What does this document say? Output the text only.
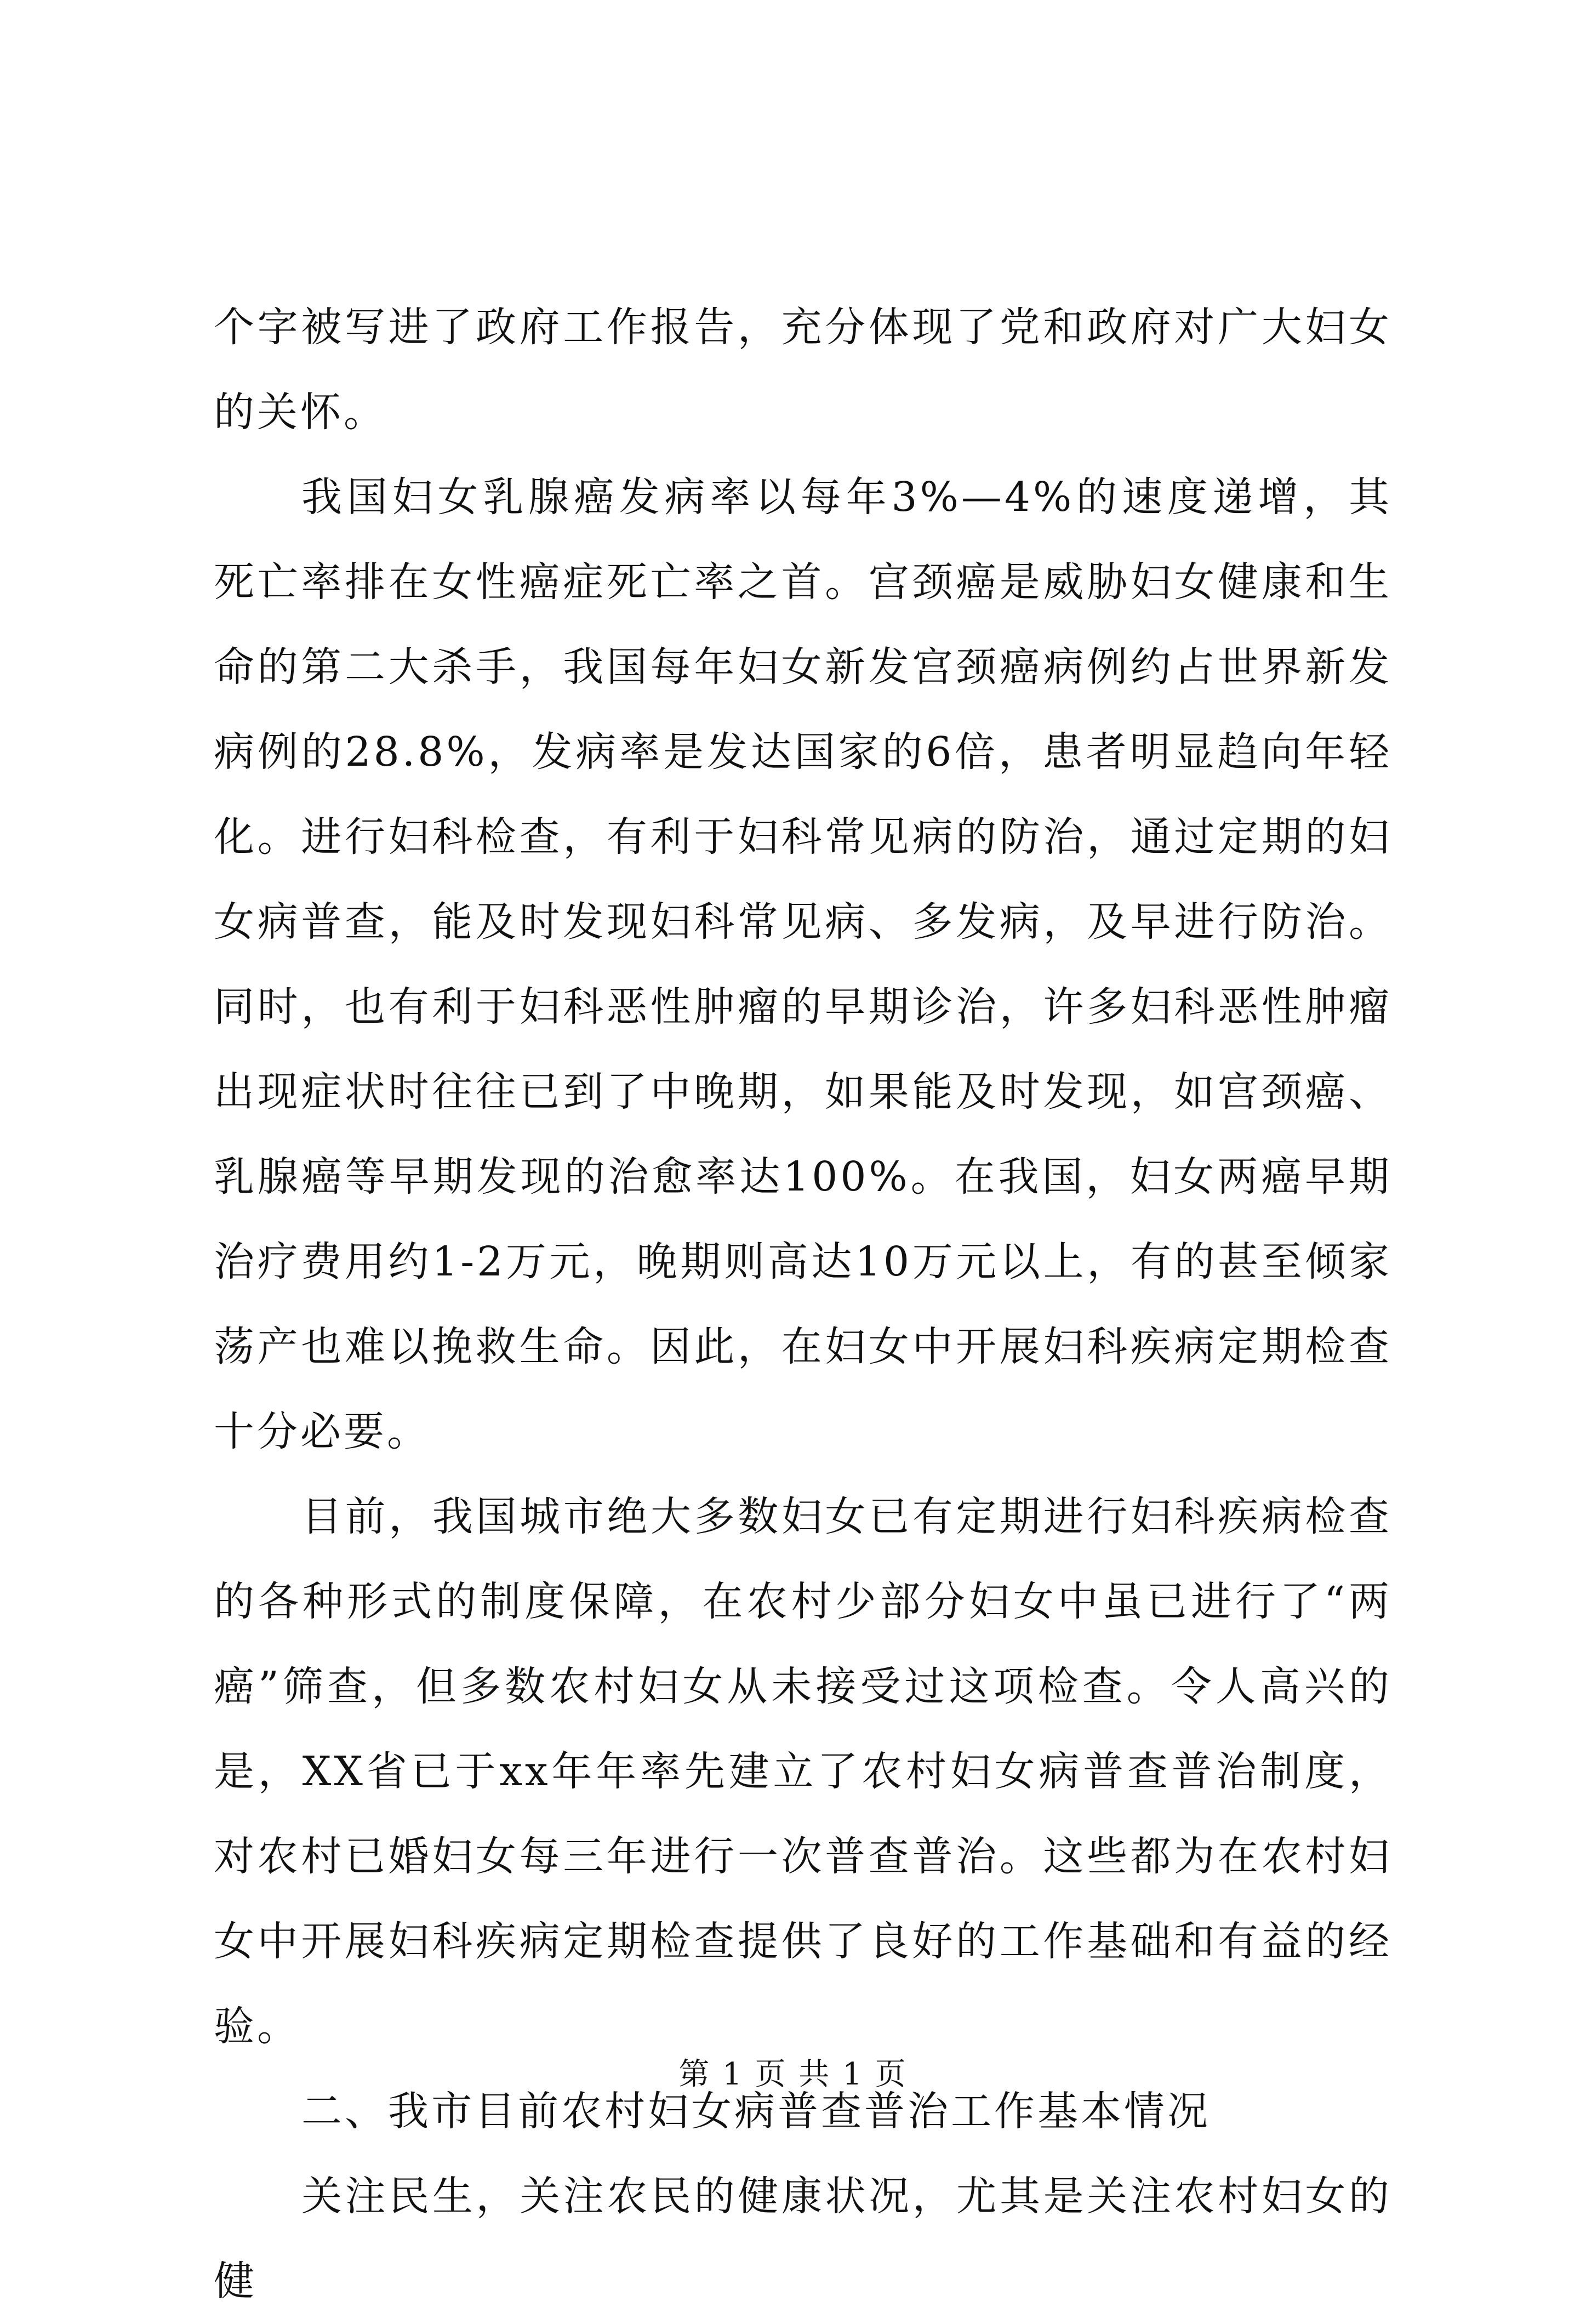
个字被写进了政府工作报告，充分体现了党和政府对广大妇女的关怀。

我国妇女乳腺癌发病率以每年3%—4%的速度递增，其死亡率排在女性癌症死亡率之首。宫颈癌是威胁妇女健康和生命的第二大杀手，我国每年妇女新发宫颈癌病例约占世界新发病例的28.8%，发病率是发达国家的6倍，患者明显趋向年轻化。进行妇科检查，有利于妇科常见病的防治，通过定期的妇女病普查，能及时发现妇科常见病、多发病，及早进行防治。同时，也有利于妇科恶性肿瘤的早期诊治，许多妇科恶性肿瘤出现症状时往往已到了中晚期，如果能及时发现，如宫颈癌、乳腺癌等早期发现的治愈率达100%。在我国，妇女两癌早期治疗费用约1-2万元，晚期则高达10万元以上，有的甚至倾家荡产也难以挽救生命。因此，在妇女中开展妇科疾病定期检查十分必要。

目前，我国城市绝大多数妇女已有定期进行妇科疾病检查的各种形式的制度保障，在农村少部分妇女中虽已进行了“两癌”筛查，但多数农村妇女从未接受过这项检查。令人高兴的是，XX省已于xx年年率先建立了农村妇女病普查普治制度，对农村已婚妇女每三年进行一次普查普治。这些都为在农村妇女中开展妇科疾病定期检查提供了良好的工作基础和有益的经验。

二、我市目前农村妇女病普查普治工作基本情况

关注民生，关注农民的健康状况，尤其是关注农村妇女的健

第 1 页 共 1 页
